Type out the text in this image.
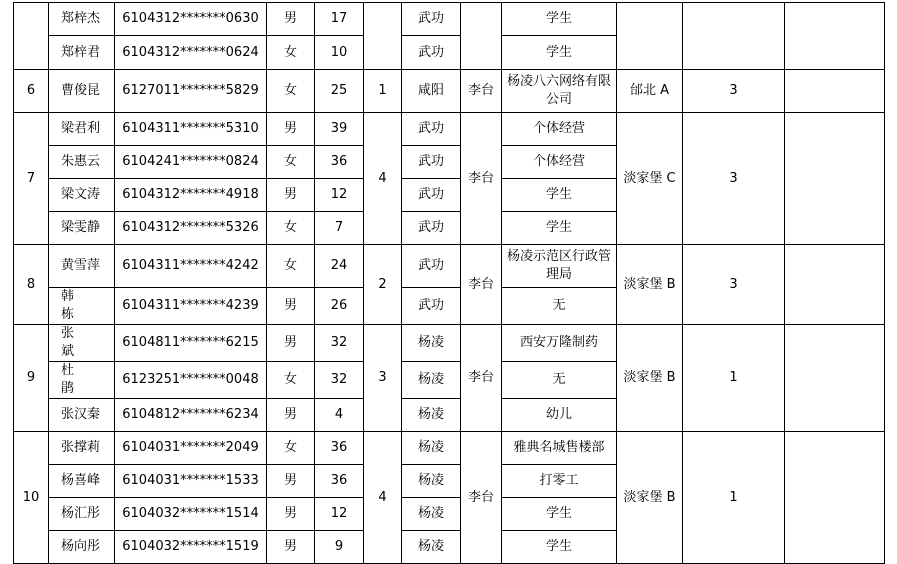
	郑梓杰	6104312*******0630	男	17		武功		学生			
	郑梓君	6104312*******0624	女	10		武功		学生			
6	曹俊昆	6127011*******5829	女	25	1	咸阳	李台	杨凌八六网络有限公司	邰北 A	3	
7	梁君利	6104311*******5310	男	39	4	武功	李台	个体经营	淡家堡 C	3	
	朱惠云	6104241*******0824	女	36		武功		个体经营			
	梁文涛	6104312*******4918	男	12		武功		学生			
	梁雯静	6104312*******5326	女	7		武功		学生			
8	黄雪萍	6104311*******4242	女	24	2	武功	李台	杨凌示范区行政管理局	淡家堡 B	3	
	韩 栋	6104311*******4239	男	26		武功		无			
9	张 斌	6104811*******6215	男	32	3	杨凌	李台	西安万隆制药	淡家堡 B	1	
	杜 鹃	6123251*******0048	女	32		杨凌		无			
	张汉秦	6104812*******6234	男	4		杨凌		幼儿			
10	张撑莉	6104031*******2049	女	36	4	杨凌	李台	雅典名城售楼部	淡家堡 B	1	
	杨喜峰	6104031*******1533	男	36		杨凌		打零工			
	杨汇彤	6104032*******1514	男	12		杨凌		学生			
	杨向彤	6104032*******1519	男	9		杨凌		学生			
